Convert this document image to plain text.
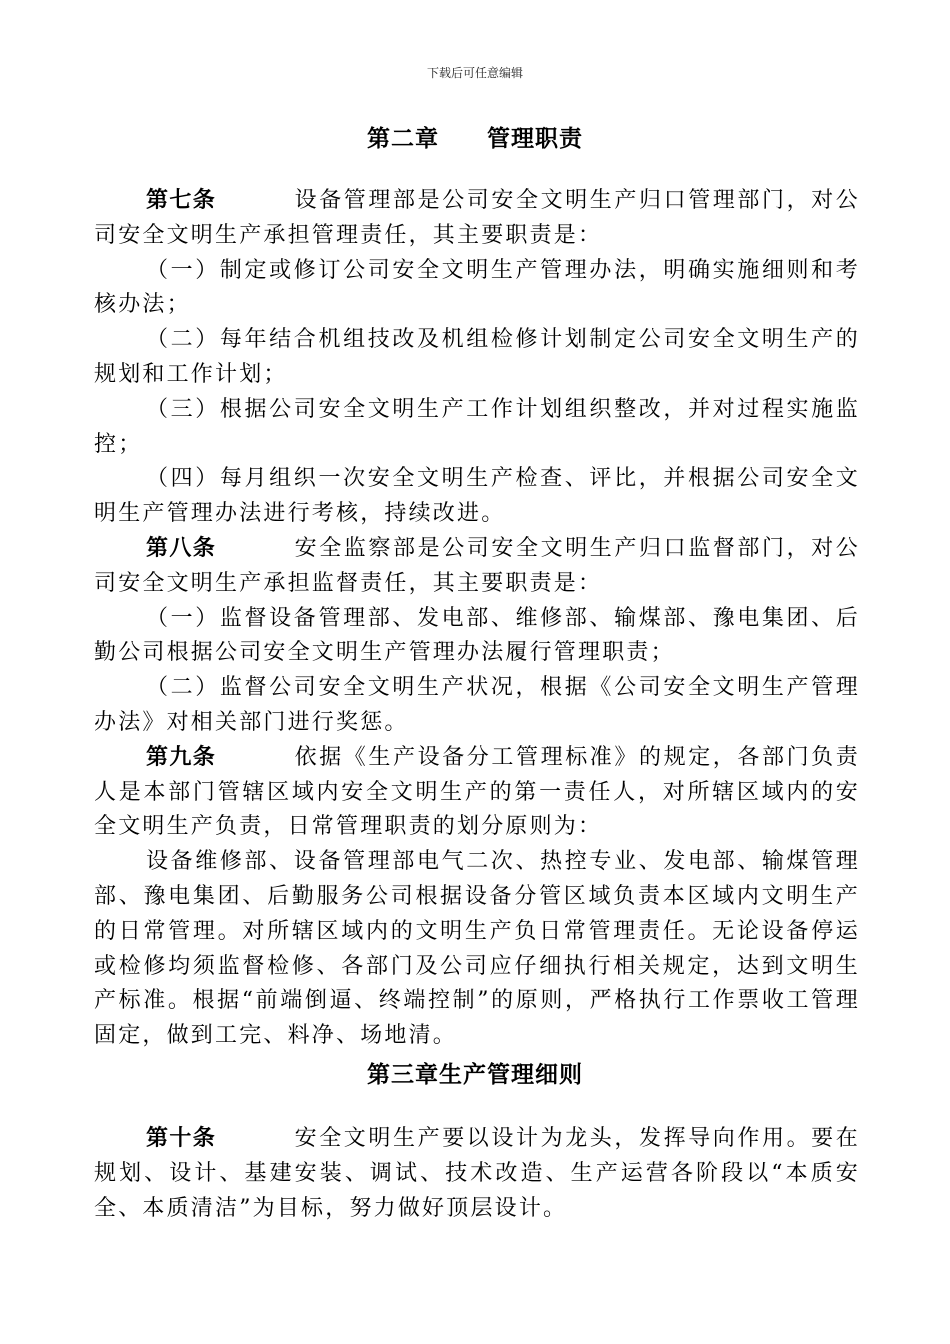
下载后可任意编辑
第二章 管理职责

第七条	设备管理部是公司安全文明生产归口管理部门，对公司安全文明生产承担管理责任，其主要职责是：

（一）制定或修订公司安全文明生产管理办法，明确实施细则和考核办法；

（二）每年结合机组技改及机组检修计划制定公司安全文明生产的规划和工作计划；

（三）根据公司安全文明生产工作计划组织整改，并对过程实施监控；

（四）每月组织一次安全文明生产检查、评比，并根据公司安全文明生产管理办法进行考核，持续改进。

第八条	安全监察部是公司安全文明生产归口监督部门，对公司安全文明生产承担监督责任，其主要职责是：

（一）监督设备管理部、发电部、维修部、输煤部、豫电集团、后勤公司根据公司安全文明生产管理办法履行管理职责；

（二）监督公司安全文明生产状况，根据《公司安全文明生产管理办法》对相关部门进行奖惩。

第九条	依据《生产设备分工管理标准》的规定，各部门负责人是本部门管辖区域内安全文明生产的第一责任人，对所辖区域内的安全文明生产负责，日常管理职责的划分原则为：

设备维修部、设备管理部电气二次、热控专业、发电部、输煤管理部、豫电集团、后勤服务公司根据设备分管区域负责本区域内文明生产的日常管理。对所辖区域内的文明生产负日常管理责任。无论设备停运或检修均须监督检修、各部门及公司应仔细执行相关规定，达到文明生产标准。根据“前端倒逼、终端控制”的原则，严格执行工作票收工管理固定，做到工完、料净、场地清。

第三章生产管理细则

第十条	安全文明生产要以设计为龙头，发挥导向作用。要在规划、设计、基建安装、调试、技术改造、生产运营各阶段以“本质安全、本质清洁”为目标，努力做好顶层设计。
